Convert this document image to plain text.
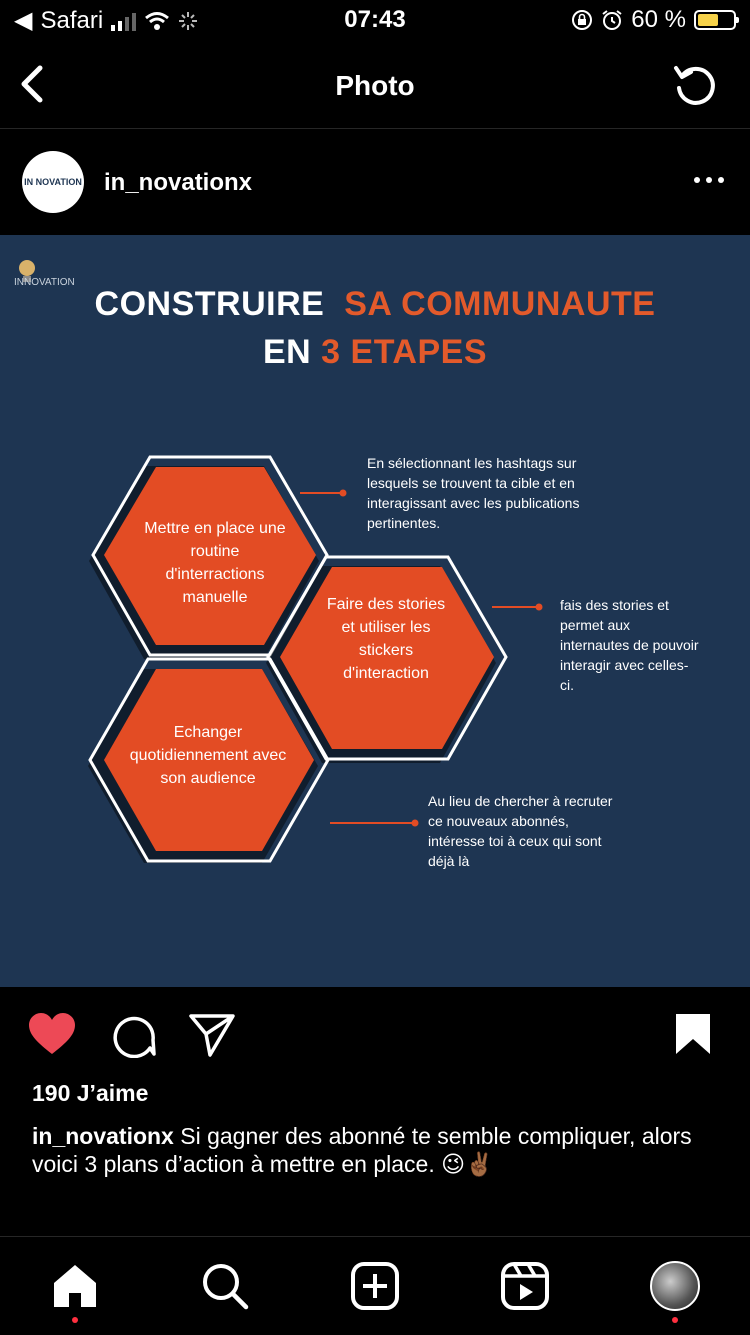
◀ Safari	07:43	60 %
Photo
IN NOVATION in_novationx
INNOVATION
CONSTRUIRE SA COMMUNAUTE
EN 3 ETAPES
Mettre en place une routine d'interractions manuelle	Faire des stories et utiliser les stickers d'interaction
Echanger quotidiennement avec son audience
En sélectionnant les hashtags sur lesquels se trouvent ta cible et en interagissant avec les publications pertinentes.
fais des stories et permet aux internautes de pouvoir interagir avec celles-ci.
Au lieu de chercher à recruter ce nouveaux abonnés, intéresse toi à ceux qui sont déjà là
190 J’aime
in_novationx Si gagner des abonné te semble compliquer, alors voici 3 plans d’action à mettre en place. 😉✌🏾
